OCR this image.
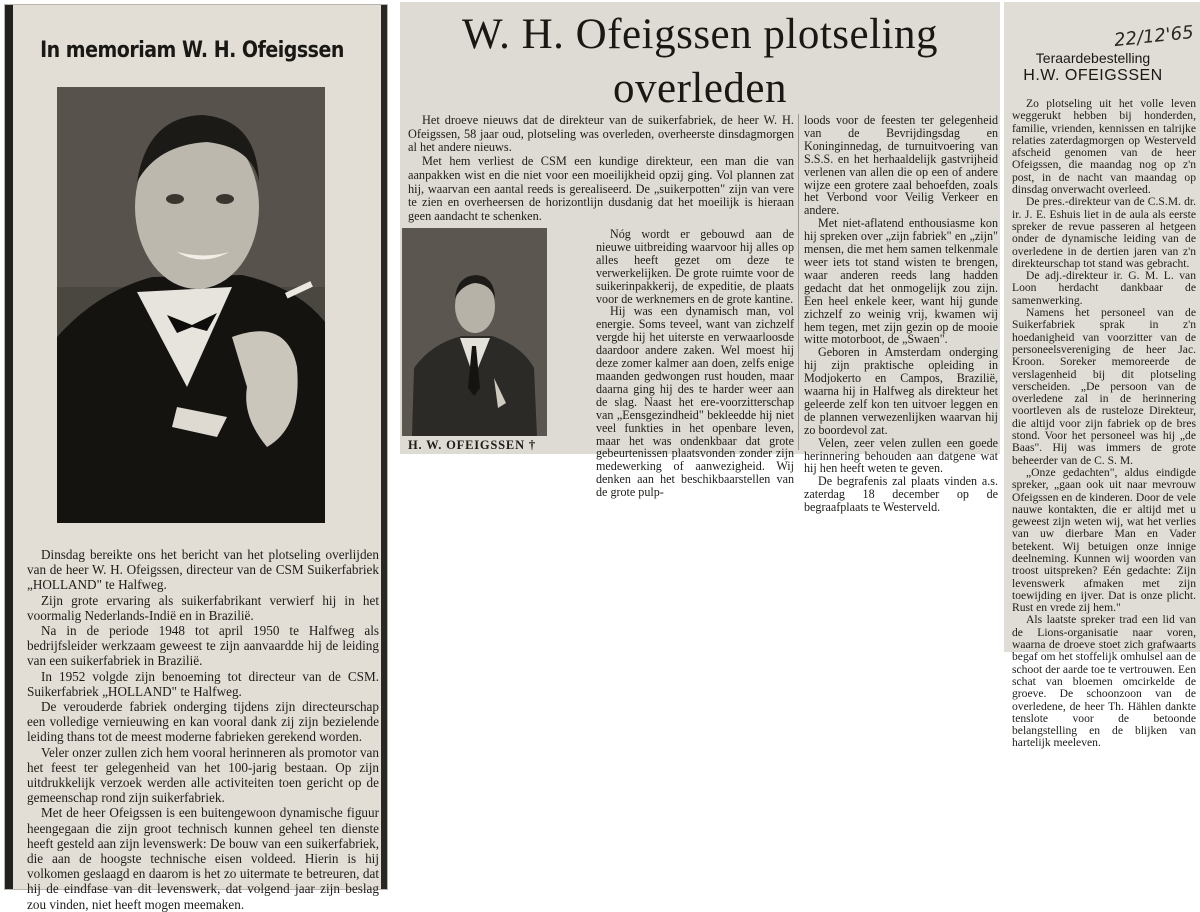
In memoriam W. H. Ofeigssen

Dinsdag bereikte ons het bericht van het plotseling overlijden van de heer W. H. Ofeigssen, directeur van de CSM Suikerfabriek „HOLLAND" te Halfweg.

Zijn grote ervaring als suikerfabrikant verwierf hij in het voormalig Nederlands-Indië en in Brazilië.

Na in de periode 1948 tot april 1950 te Halfweg als bedrijfsleider werkzaam geweest te zijn aanvaardde hij de leiding van een suikerfabriek in Brazilië.

In 1952 volgde zijn benoeming tot directeur van de CSM. Suikerfabriek „HOLLAND" te Halfweg.

De verouderde fabriek onderging tijdens zijn directeurschap een volledige vernieuwing en kan vooral dank zij zijn bezielende leiding thans tot de meest moderne fabrieken gerekend worden.

Veler onzer zullen zich hem vooral herinneren als promotor van het feest ter gelegenheid van het 100-jarig bestaan. Op zijn uitdrukkelijk verzoek werden alle activiteiten toen gericht op de gemeenschap rond zijn suikerfabriek.

Met de heer Ofeigssen is een buitengewoon dynamische figuur heengegaan die zijn groot technisch kunnen geheel ten dienste heeft gesteld aan zijn levenswerk: De bouw van een suikerfabriek, die aan de hoogste technische eisen voldeed. Hierin is hij volkomen geslaagd en daarom is het zo uitermate te betreuren, dat hij de eindfase van dit levenswerk, dat volgend jaar zijn beslag zou vinden, niet heeft mogen meemaken.

W. H. Ofeigssen plotseling
overleden

Het droeve nieuws dat de direkteur van de suikerfabriek, de heer W. H. Ofeigssen, 58 jaar oud, plotseling was overleden, overheerste dinsdagmorgen al het andere nieuws.

Met hem verliest de CSM een kundige direkteur, een man die van aanpakken wist en die niet voor een moeilijkheid opzij ging. Vol plannen zat hij, waarvan een aantal reeds is gerealiseerd. De „suikerpotten" zijn van vere te zien en overheersen de horizontlijn dusdanig dat het moeilijk is hieraan geen aandacht te schenken.

H. W. OFEIGSSEN †

Nóg wordt er gebouwd aan de nieuwe uitbreiding waarvoor hij alles op alles heeft gezet om deze te verwerkelijken. De grote ruimte voor de suikerinpakkerij, de expeditie, de plaats voor de werknemers en de grote kantine.

Hij was een dynamisch man, vol energie. Soms teveel, want van zichzelf vergde hij het uiterste en verwaarloosde daardoor andere zaken. Wel moest hij deze zomer kalmer aan doen, zelfs enige maanden gedwongen rust houden, maar daarna ging hij des te harder weer aan de slag. Naast het ere-voorzitterschap van „Eensgezindheid" bekleedde hij niet veel funkties in het openbare leven, maar het was ondenkbaar dat grote gebeurtenissen plaatsvonden zonder zijn medewerking of aanwezigheid. Wij denken aan het beschikbaarstellen van de grote pulp-

loods voor de feesten ter gelegenheid van de Bevrijdingsdag en Koninginnedag, de turnuitvoering van S.S.S. en het herhaaldelijk gastvrijheid verlenen van allen die op een of andere wijze een grotere zaal behoefden, zoals het Verbond voor Veilig Verkeer en andere.

Met niet-aflatend enthousiasme kon hij spreken over „zijn fabriek" en „zijn" mensen, die met hem samen telkenmale weer iets tot stand wisten te brengen, waar anderen reeds lang hadden gedacht dat het onmogelijk zou zijn. Een heel enkele keer, want hij gunde zichzelf zo weinig vrij, kwamen wij hem tegen, met zijn gezin op de mooie witte motorboot, de „Swaen".

Geboren in Amsterdam onderging hij zijn praktische opleiding in Modjokerto en Campos, Brazilië, waarna hij in Halfweg als direkteur het geleerde zelf kon ten uitvoer leggen en de plannen verwezenlijken waarvan hij zo boordevol zat.

Velen, zeer velen zullen een goede herinnering behouden aan datgene wat hij hen heeft weten te geven.

De begrafenis zal plaats vinden a.s. zaterdag 18 december op de begraafplaats te Westerveld.

22/12'65
Teraardebestelling
H.W. OFEIGSSEN

Zo plotseling uit het volle leven weggerukt hebben bij honderden, familie, vrienden, kennissen en talrijke relaties zaterdagmorgen op Westerveld afscheid genomen van de heer Ofeigssen, die maandag nog op z'n post, in de nacht van maandag op dinsdag onverwacht overleed.

De pres.-direkteur van de C.S.M. dr. ir. J. E. Eshuis liet in de aula als eerste spreker de revue passeren al hetgeen onder de dynamische leiding van de overledene in de dertien jaren van z'n direkteurschap tot stand was gebracht.

De adj.-direkteur ir. G. M. L. van Loon herdacht dankbaar de samenwerking.

Namens het personeel van de Suikerfabriek sprak in z'n hoedanigheid van voorzitter van de personeelsvereniging de heer Jac. Kroon. Soreker memoreerde de verslagenheid bij dit plotseling verscheiden. „De persoon van de overledene zal in de herinnering voortleven als de rusteloze Direkteur, die altijd voor zijn fabriek op de bres stond. Voor het personeel was hij „de Baas". Hij was immers de grote beheerder van de C. S. M.

„Onze gedachten", aldus eindigde spreker, „gaan ook uit naar mevrouw Ofeigssen en de kinderen. Door de vele nauwe kontakten, die er altijd met u geweest zijn weten wij, wat het verlies van uw dierbare Man en Vader betekent. Wij betuigen onze innige deelneming. Kunnen wij woorden van troost uitspreken? Eén gedachte: Zijn levenswerk afmaken met zijn toewijding en ijver. Dat is onze plicht. Rust en vrede zij hem."

Als laatste spreker trad een lid van de Lions-organisatie naar voren, waarna de droeve stoet zich grafwaarts begaf om het stoffelijk omhulsel aan de schoot der aarde toe te vertrouwen. Een schat van bloemen omcirkelde de groeve. De schoonzoon van de overledene, de heer Th. Hählen dankte tenslote voor de betoonde belangstelling en de blijken van hartelijk meeleven.
